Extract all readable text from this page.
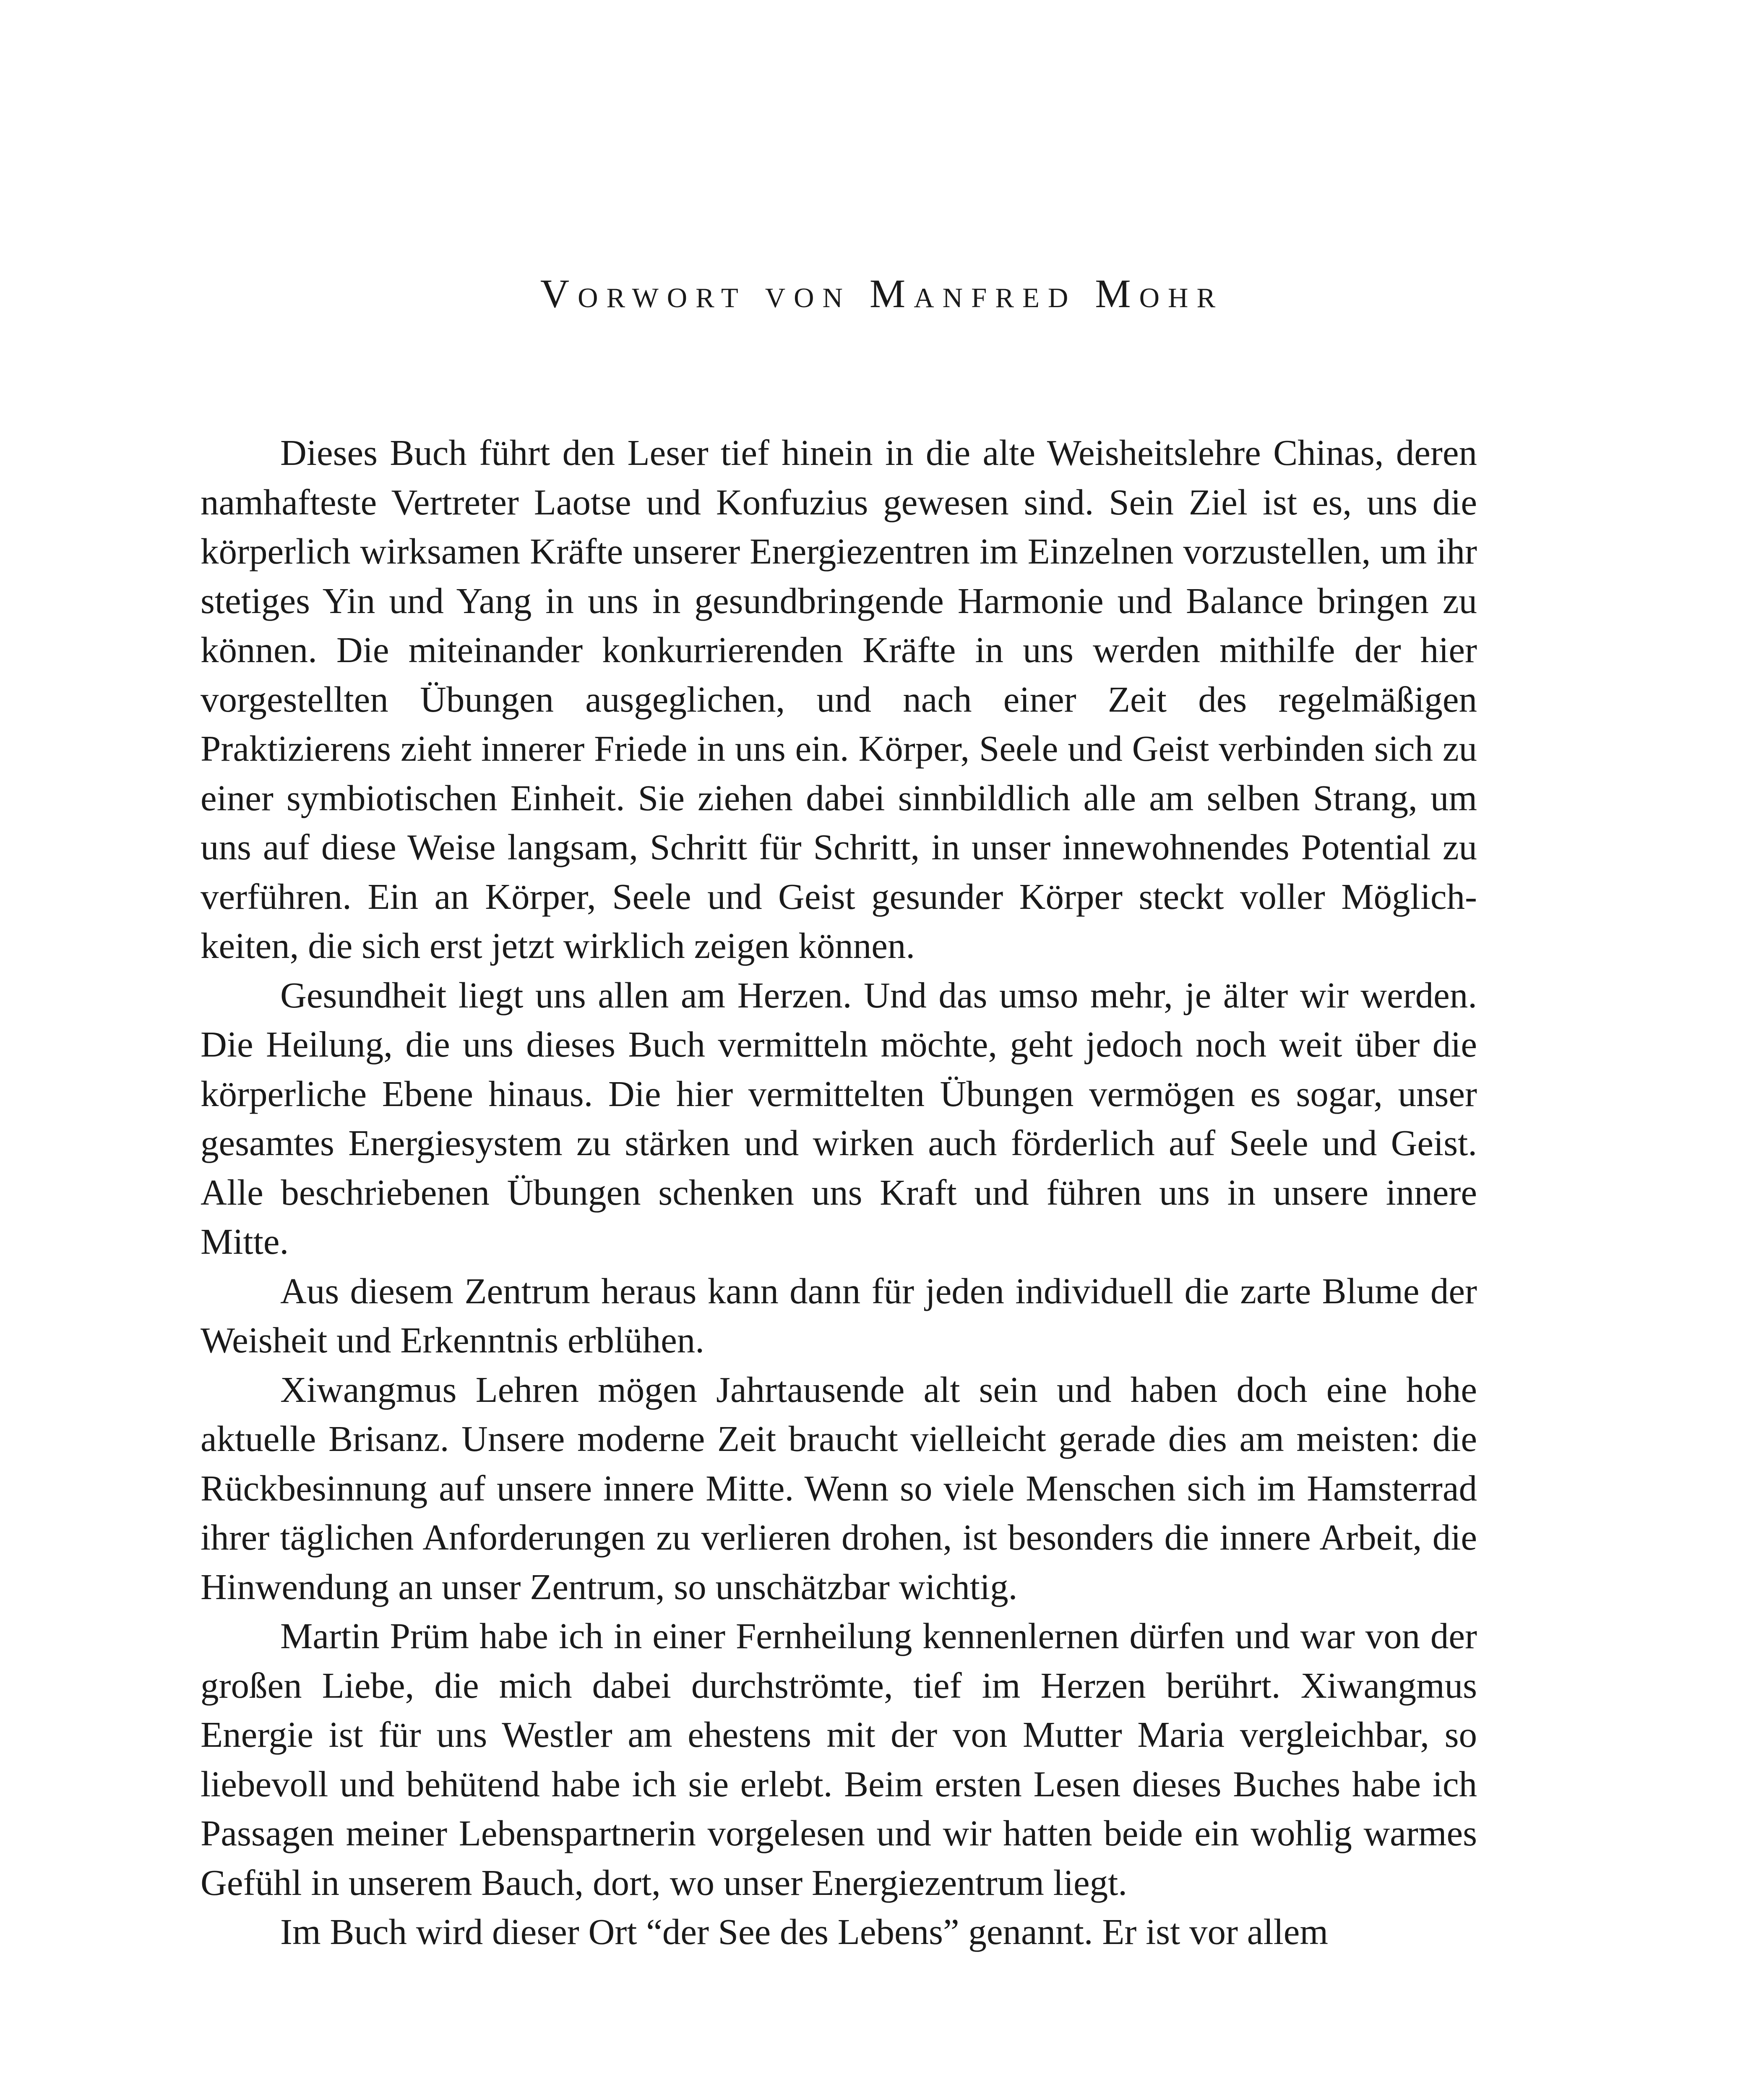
Vorwort von Manfred Mohr

Dieses Buch führt den Leser tief hinein in die alte Weisheitslehre Chinas, deren namhafteste Vertreter Laotse und Konfuzius gewesen sind. Sein Ziel ist es, uns die körperlich wirksamen Kräfte unserer Energiezentren im Einzelnen vorzustellen, um ihr stetiges Yin und Yang in uns in gesundbringende Harmonie und Balance bringen zu können. Die miteinander konkurrierenden Kräfte in uns werden mithilfe der hier vorgestellten Übungen ausgeglichen, und nach einer Zeit des regelmäßigen Praktizierens zieht innerer Friede in uns ein. Körper, Seele und Geist verbinden sich zu einer symbiotischen Einheit. Sie ziehen dabei sinnbildlich alle am selben Strang, um uns auf diese Weise langsam, Schritt für Schritt, in unser innewohnendes Potential zu verführen. Ein an Körper, Seele und Geist gesunder Körper steckt voller Möglichkeiten, die sich erst jetzt wirklich zeigen können.

Gesundheit liegt uns allen am Herzen. Und das umso mehr, je älter wir werden. Die Heilung, die uns dieses Buch vermitteln möchte, geht jedoch noch weit über die körperliche Ebene hinaus. Die hier vermittelten Übungen vermögen es sogar, unser gesamtes Energiesystem zu stärken und wirken auch förderlich auf Seele und Geist. Alle beschriebenen Übungen schenken uns Kraft und führen uns in unsere innere Mitte.

Aus diesem Zentrum heraus kann dann für jeden individuell die zarte Blume der Weisheit und Erkenntnis erblühen.

Xiwangmus Lehren mögen Jahrtausende alt sein und haben doch eine hohe aktuelle Brisanz. Unsere moderne Zeit braucht vielleicht gerade dies am meisten: die Rückbesinnung auf unsere innere Mitte. Wenn so viele Menschen sich im Hamsterrad ihrer täglichen Anforderungen zu verlieren drohen, ist besonders die innere Arbeit, die Hinwendung an unser Zentrum, so unschätzbar wichtig.

Martin Prüm habe ich in einer Fernheilung kennenlernen dürfen und war von der großen Liebe, die mich dabei durchströmte, tief im Herzen berührt. Xiwangmus Energie ist für uns Westler am ehestens mit der von Mutter Maria vergleichbar, so liebevoll und behütend habe ich sie erlebt. Beim ersten Lesen dieses Buches habe ich Passagen meiner Lebenspartnerin vorgelesen und wir hatten beide ein wohlig warmes Gefühl in unserem Bauch, dort, wo unser Energiezentrum liegt.

Im Buch wird dieser Ort “der See des Lebens” genannt. Er ist vor allem
